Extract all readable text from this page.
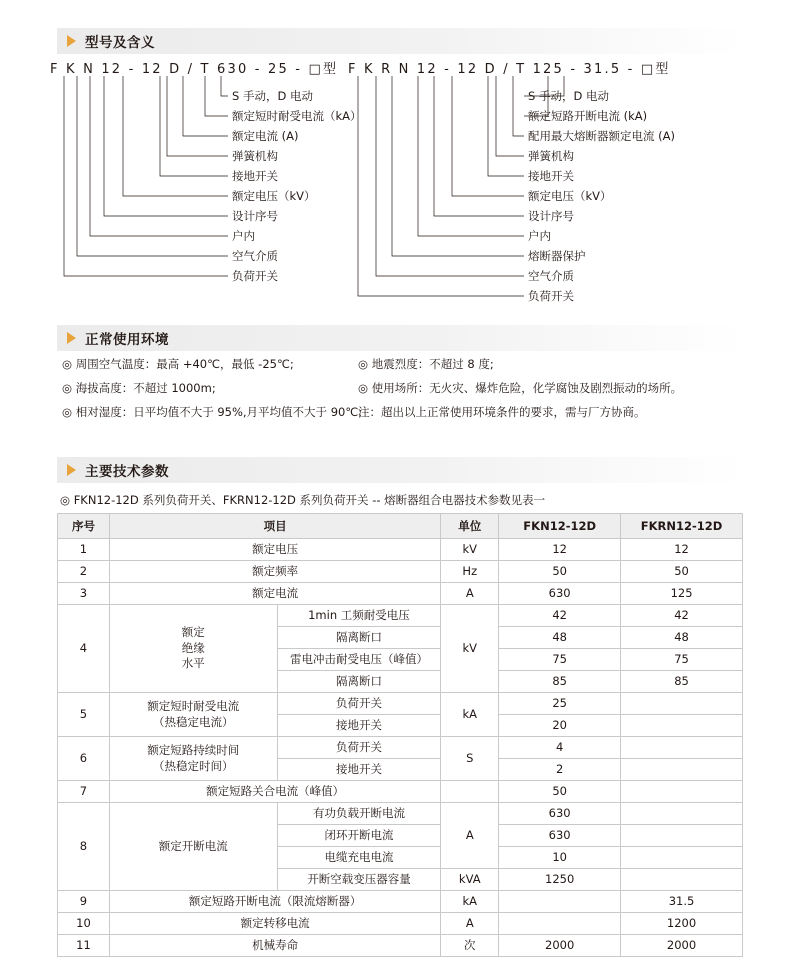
型号及含义
F K N 12 - 12 D / T 630 - 25 - □型
S 手动，D 电动
额定短时耐受电流（kA）
额定电流 (A)
弹簧机构
接地开关
额定电压（kV）
设计序号
户内
空气介质
负荷开关
F K R N 12 - 12 D / T 125 - 31.5 - □型
S 手动，D 电动
额定短路开断电流 (kA)
配用最大熔断器额定电流 (A)
弹簧机构
接地开关
额定电压（kV）
设计序号
户内
熔断器保护
空气介质
负荷开关
正常使用环境
◎ 周围空气温度：最高 +40℃，最低 -25℃;
◎ 海拔高度：不超过 1000m;
◎ 相对湿度：日平均值不大于 95%,月平均值不大于 90℃;
◎ 地震烈度：不超过 8 度;
◎ 使用场所：无火灾、爆炸危险，化学腐蚀及剧烈振动的场所。
注：超出以上正常使用环境条件的要求，需与厂方协商。
主要技术参数
◎ FKN12-12D 系列负荷开关、FKRN12-12D 系列负荷开关 -- 熔断器组合电器技术参数见表一
序号	项目		单位	FKN12-12D	FKRN12-12D
1	额定电压		kV	12	12
2	额定频率		Hz	50	50
3	额定电流		A	630	125
4	额定
绝缘
水平	1min 工频耐受电压	kV	42	42
		隔离断口		48	48
		雷电冲击耐受电压（峰值）		75	75
		隔离断口		85	85
5	额定短时耐受电流
（热稳定电流）	负荷开关	kA	25	
		接地开关		20	
6	额定短路持续时间
（热稳定时间）	负荷开关	S	4	
		接地开关		2	
7	额定短路关合电流（峰值）			50	
8	额定开断电流	有功负载开断电流	A	630	
		闭环开断电流		630	
		电缆充电电流		10	
		开断空载变压器容量	kVA	1250	
9	额定短路开断电流（限流熔断器）		kA		31.5
10	额定转移电流		A		1200
11	机械寿命		次	2000	2000
